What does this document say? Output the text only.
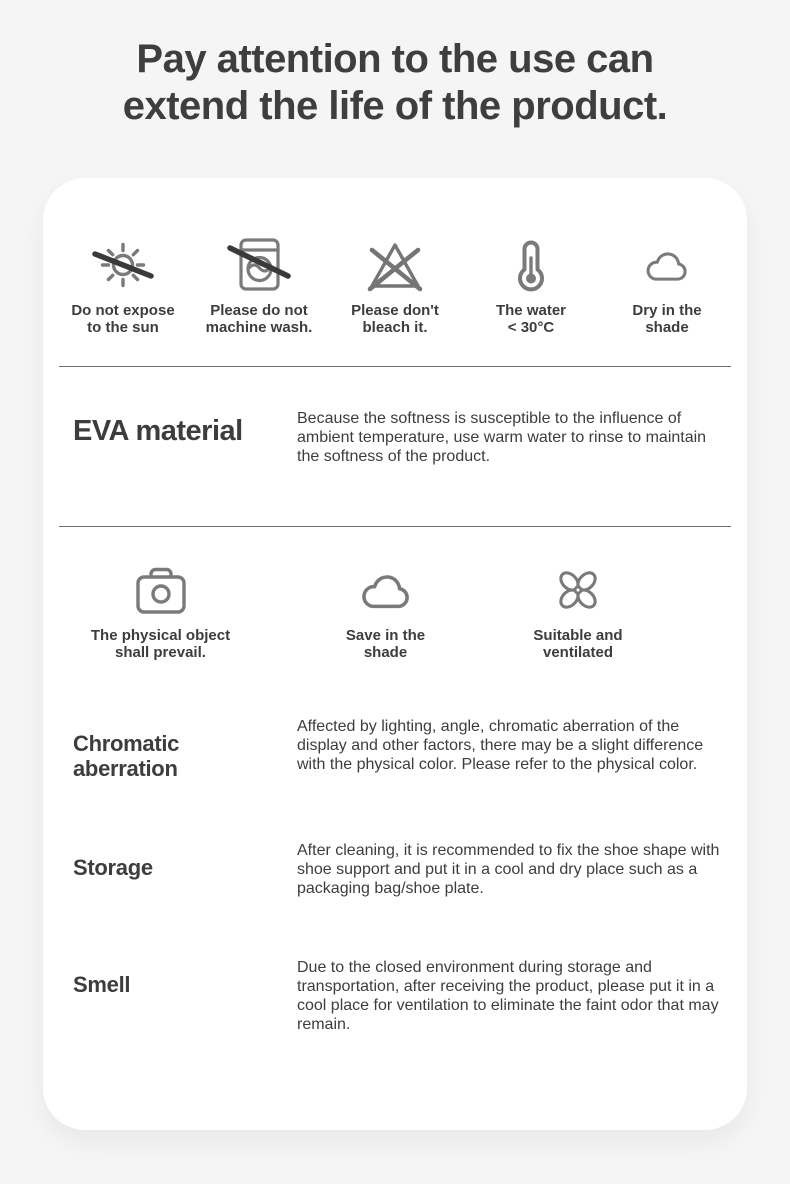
Pay attention to the use can
extend the life of the product.
Do not expose
to the sun
Please do not
machine wash.
Please don't
bleach it.
The water
< 30°C
Dry in the
shade
EVA material	Because the softness is susceptible to the influence of ambient temperature, use warm water to rinse to maintain the softness of the product.

The physical object
shall prevail.
Save in the
shade
Suitable and
ventilated
Chromatic aberration

Affected by lighting, angle, chromatic aberration of the display and other factors, there may be a slight difference with the physical color. Please refer to the physical color.

Storage

After cleaning, it is recommended to fix the shoe shape with shoe support and put it in a cool and dry place such as a packaging bag/shoe plate.

Smell

Due to the closed environment during storage and transportation, after receiving the product, please put it in a cool place for ventilation to eliminate the faint odor that may remain.
